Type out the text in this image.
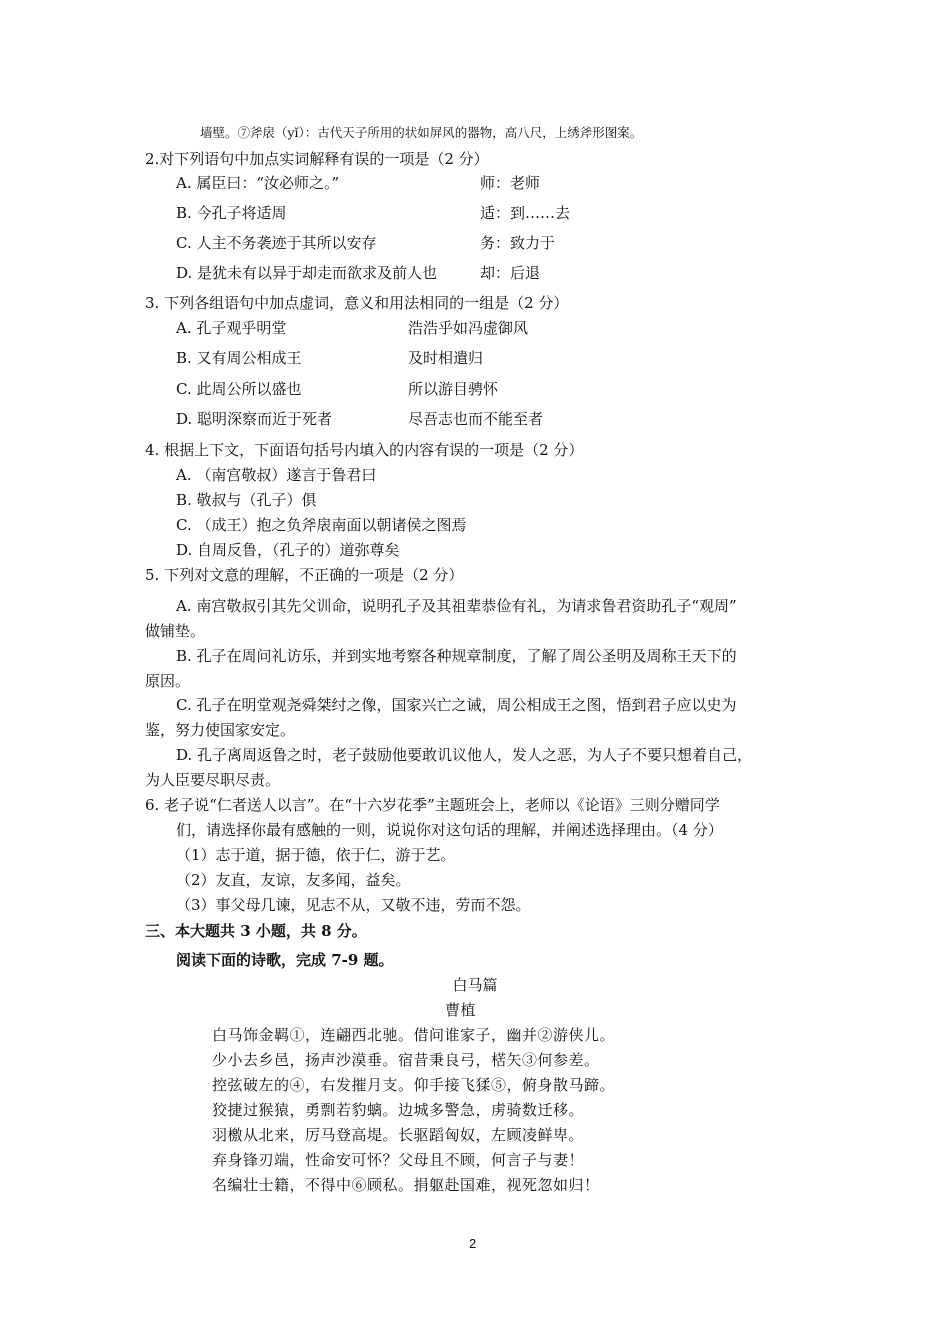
墙壁。⑦斧扆（yǐ）：古代天子所用的状如屏风的器物，高八尺，上绣斧形图案。
2.对下列语句中加点实词解释有误的一项是（2 分）
A. 属臣曰：“汝必师之。”	师：老师
B. 今孔子将适周	适：到……去
C. 人主不务袭迹于其所以安存	务：致力于
D. 是犹未有以异于却走而欲求及前人也	却：后退
3. 下列各组语句中加点虚词，意义和用法相同的一组是（2 分）
A. 孔子观乎明堂	浩浩乎如冯虚御风
B. 又有周公相成王	及时相遣归
C. 此周公所以盛也	所以游目骋怀
D. 聪明深察而近于死者	尽吾志也而不能至者
4. 根据上下文，下面语句括号内填入的内容有误的一项是（2 分）
A. （南宫敬叔）遂言于鲁君曰
B. 敬叔与（孔子）俱
C. （成王）抱之负斧扆南面以朝诸侯之图焉
D. 自周反鲁，（孔子的）道弥尊矣
5. 下列对文意的理解，不正确的一项是（2 分）
A. 南宫敬叔引其先父训命，说明孔子及其祖辈恭俭有礼，为请求鲁君资助孔子“观周”
做铺垫。
B. 孔子在周问礼访乐，并到实地考察各种规章制度，了解了周公圣明及周称王天下的
原因。
C. 孔子在明堂观尧舜桀纣之像，国家兴亡之诫，周公相成王之图，悟到君子应以史为
鉴，努力使国家安定。
D. 孔子离周返鲁之时，老子鼓励他要敢讥议他人，发人之恶，为人子不要只想着自己，
为人臣要尽职尽责。
6. 老子说“仁者送人以言”。在“十六岁花季”主题班会上，老师以《论语》三则分赠同学
们，请选择你最有感触的一则，说说你对这句话的理解，并阐述选择理由。（4 分）
（1）志于道，据于德，依于仁，游于艺。
（2）友直，友谅，友多闻，益矣。
（3）事父母几谏，见志不从，又敬不违，劳而不怨。
三、本大题共 3 小题，共 8 分。
阅读下面的诗歌，完成 7-9 题。
白马篇
曹植
白马饰金羁①，连翩西北驰。借问谁家子，幽并②游侠儿。
少小去乡邑，扬声沙漠垂。宿昔秉良弓，楛矢③何参差。
控弦破左的④，右发摧月支。仰手接飞猱⑤，俯身散马蹄。
狡捷过猴猿，勇剽若豹螭。边城多警急，虏骑数迁移。
羽檄从北来，厉马登高堤。长驱蹈匈奴，左顾凌鲜卑。
弃身锋刃端，性命安可怀？父母且不顾，何言子与妻！
名编壮士籍，不得中⑥顾私。捐躯赴国难，视死忽如归！
2
